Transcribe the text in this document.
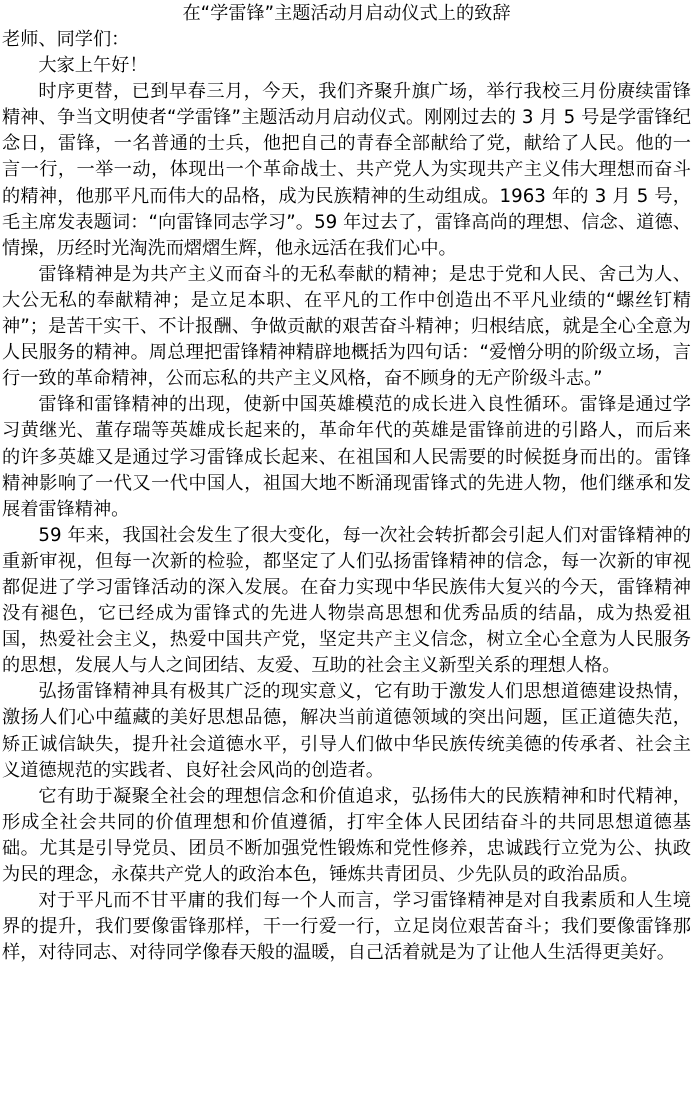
在“学雷锋”主题活动月启动仪式上的致辞

老师、同学们：

大家上午好！

时序更替，已到早春三月，今天，我们齐聚升旗广场，举行我校三月份赓续雷锋精神、争当文明使者“学雷锋”主题活动月启动仪式。刚刚过去的 3 月 5 号是学雷锋纪念日，雷锋，一名普通的士兵，他把自己的青春全部献给了党，献给了人民。他的一言一行，一举一动，体现出一个革命战士、共产党人为实现共产主义伟大理想而奋斗的精神，他那平凡而伟大的品格，成为民族精神的生动组成。1963 年的 3 月 5 号，毛主席发表题词：“向雷锋同志学习”。59 年过去了，雷锋高尚的理想、信念、道德、情操，历经时光淘洗而熠熠生辉，他永远活在我们心中。

雷锋精神是为共产主义而奋斗的无私奉献的精神；是忠于党和人民、舍己为人、大公无私的奉献精神；是立足本职、在平凡的工作中创造出不平凡业绩的“螺丝钉精神”；是苦干实干、不计报酬、争做贡献的艰苦奋斗精神；归根结底，就是全心全意为人民服务的精神。周总理把雷锋精神精辟地概括为四句话：“爱憎分明的阶级立场，言行一致的革命精神，公而忘私的共产主义风格，奋不顾身的无产阶级斗志。”

雷锋和雷锋精神的出现，使新中国英雄模范的成长进入良性循环。雷锋是通过学习黄继光、董存瑞等英雄成长起来的，革命年代的英雄是雷锋前进的引路人，而后来的许多英雄又是通过学习雷锋成长起来、在祖国和人民需要的时候挺身而出的。雷锋精神影响了一代又一代中国人，祖国大地不断涌现雷锋式的先进人物，他们继承和发展着雷锋精神。

59 年来，我国社会发生了很大变化，每一次社会转折都会引起人们对雷锋精神的重新审视，但每一次新的检验，都坚定了人们弘扬雷锋精神的信念，每一次新的审视都促进了学习雷锋活动的深入发展。在奋力实现中华民族伟大复兴的今天，雷锋精神没有褪色，它已经成为雷锋式的先进人物崇高思想和优秀品质的结晶，成为热爱祖国，热爱社会主义，热爱中国共产党，坚定共产主义信念，树立全心全意为人民服务的思想，发展人与人之间团结、友爱、互助的社会主义新型关系的理想人格。

弘扬雷锋精神具有极其广泛的现实意义，它有助于激发人们思想道德建设热情，激扬人们心中蕴藏的美好思想品德，解决当前道德领域的突出问题，匡正道德失范，矫正诚信缺失，提升社会道德水平，引导人们做中华民族传统美德的传承者、社会主义道德规范的实践者、良好社会风尚的创造者。

它有助于凝聚全社会的理想信念和价值追求，弘扬伟大的民族精神和时代精神，形成全社会共同的价值理想和价值遵循，打牢全体人民团结奋斗的共同思想道德基础。尤其是引导党员、团员不断加强党性锻炼和党性修养，忠诚践行立党为公、执政为民的理念，永葆共产党人的政治本色，锤炼共青团员、少先队员的政治品质。

对于平凡而不甘平庸的我们每一个人而言，学习雷锋精神是对自我素质和人生境界的提升，我们要像雷锋那样，干一行爱一行，立足岗位艰苦奋斗；我们要像雷锋那样，对待同志、对待同学像春天般的温暖，自己活着就是为了让他人生活得更美好。
